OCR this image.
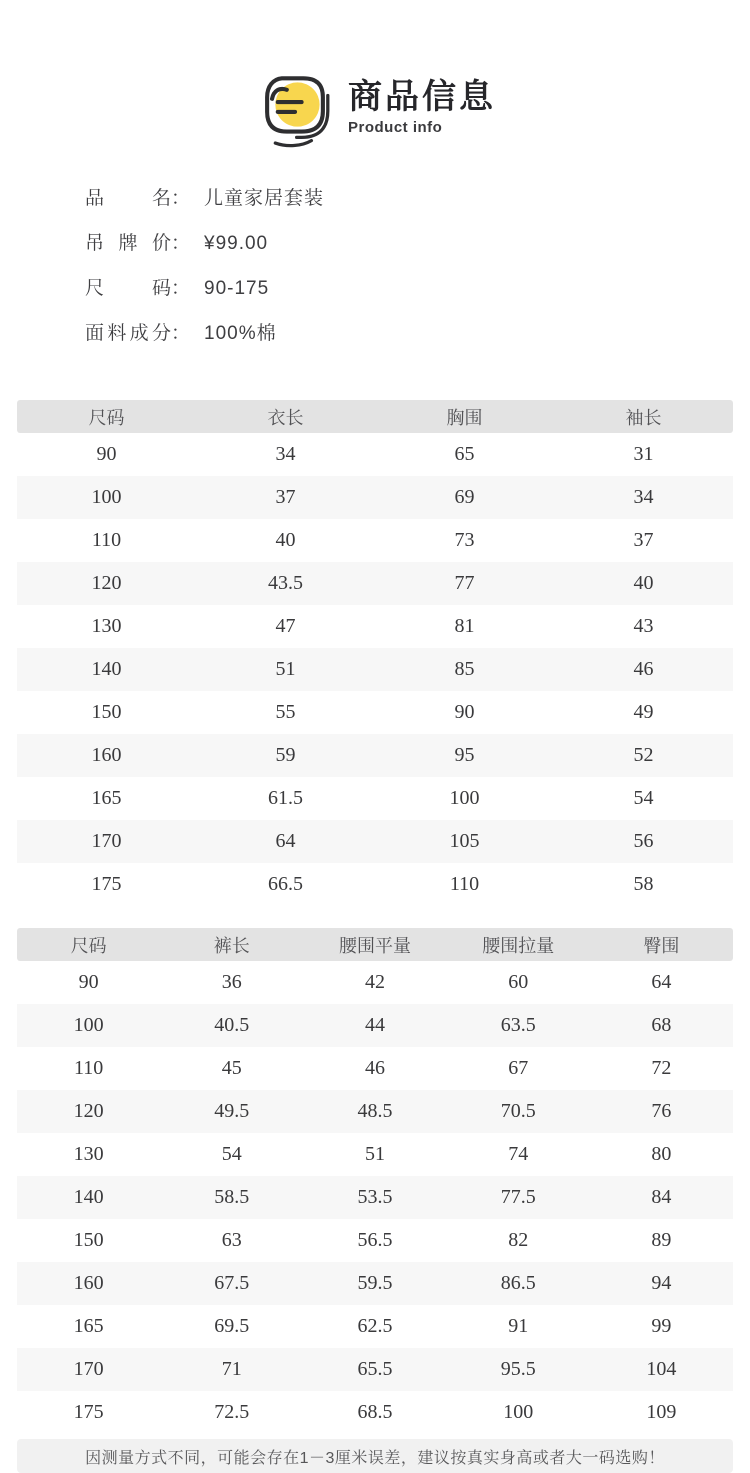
商品信息
Product info
品名： 儿童家居套装
吊牌价： ¥99.00
尺码： 90-175
面料成分： 100%棉
尺码	衣长	胸围	袖长
90	34	65	31
100	37	69	34
110	40	73	37
120	43.5	77	40
130	47	81	43
140	51	85	46
150	55	90	49
160	59	95	52
165	61.5	100	54
170	64	105	56
175	66.5	110	58
尺码	裤长	腰围平量	腰围拉量	臀围
90	36	42	60	64
100	40.5	44	63.5	68
110	45	46	67	72
120	49.5	48.5	70.5	76
130	54	51	74	80
140	58.5	53.5	77.5	84
150	63	56.5	82	89
160	67.5	59.5	86.5	94
165	69.5	62.5	91	99
170	71	65.5	95.5	104
175	72.5	68.5	100	109
因测量方式不同，可能会存在1－3厘米误差，建议按真实身高或者大一码选购！
